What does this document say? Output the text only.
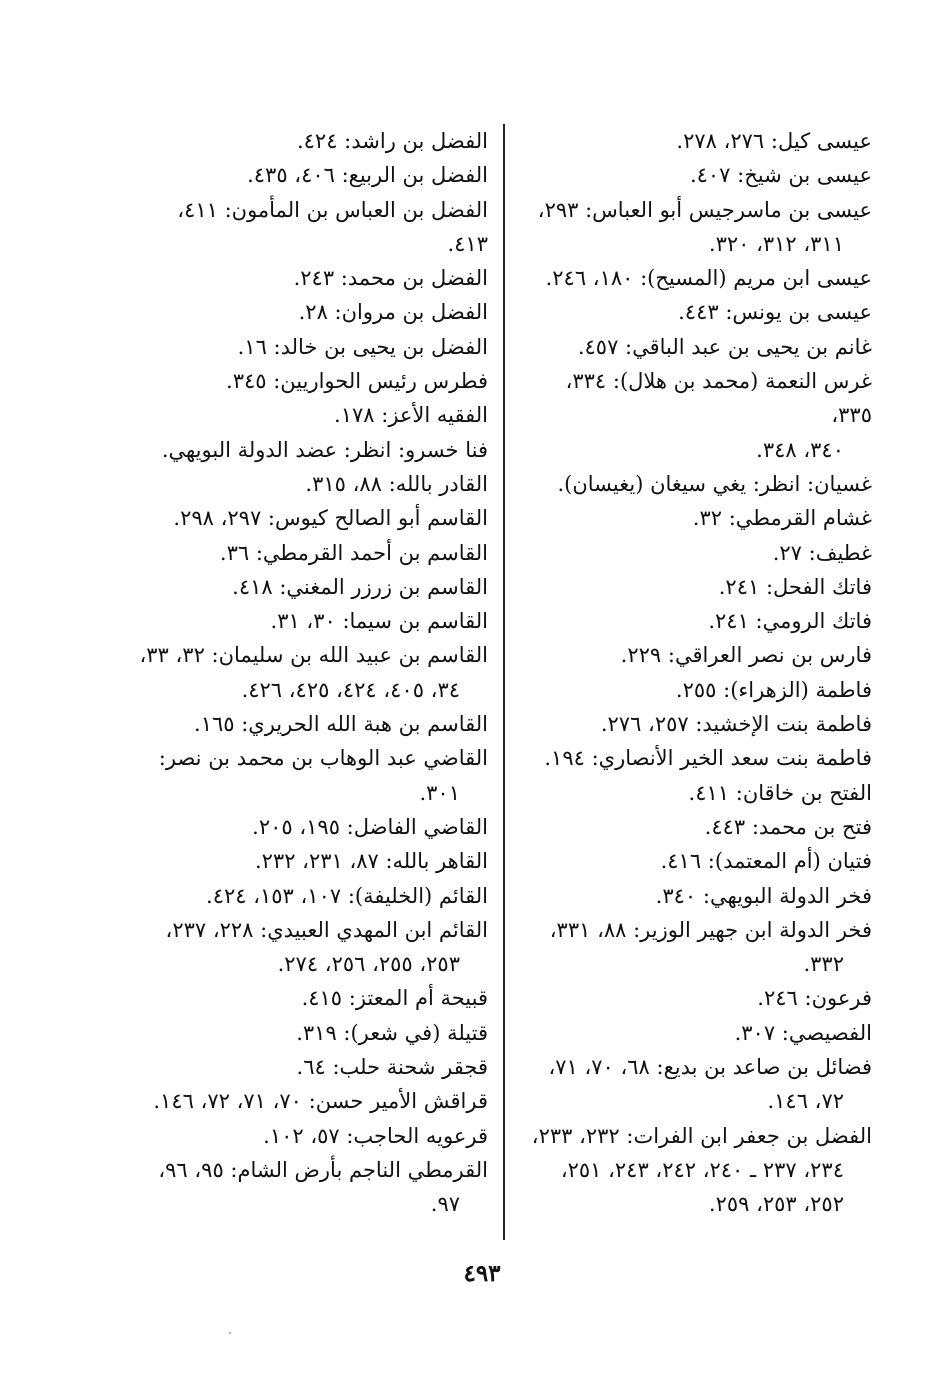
عيسى كيل: ٢٧٦، ٢٧٨.
عيسى بن شيخ: ٤٠٧.
عيسى بن ماسرجيس أبو العباس: ٢٩٣،
٣١١، ٣١٢، ٣٢٠.
عيسى ابن مريم (المسيح): ١٨٠، ٢٤٦.
عيسى بن يونس: ٤٤٣.
غانم بن يحيى بن عبد الباقي: ٤٥٧.
غرس النعمة (محمد بن هلال): ٣٣٤، ٣٣٥،
٣٤٠، ٣٤٨.
غسيان: انظر: يغي سيغان (يغيسان).
غشام القرمطي: ٣٢.
غطيف: ٢٧.
فاتك الفحل: ٢٤١.
فاتك الرومي: ٢٤١.
فارس بن نصر العراقي: ٢٢٩.
فاطمة (الزهراء): ٢٥٥.
فاطمة بنت الإخشيد: ٢٥٧، ٢٧٦.
فاطمة بنت سعد الخير الأنصاري: ١٩٤.
الفتح بن خاقان: ٤١١.
فتح بن محمد: ٤٤٣.
فتيان (أم المعتمد): ٤١٦.
فخر الدولة البويهي: ٣٤٠.
فخر الدولة ابن جهير الوزير: ٨٨، ٣٣١،
٣٣٢.
فرعون: ٢٤٦.
الفصيصي: ٣٠٧.
فضائل بن صاعد بن بديع: ٦٨، ٧٠، ٧١،
٧٢، ١٤٦.
الفضل بن جعفر ابن الفرات: ٢٣٢، ٢٣٣،
٢٣٤، ٢٣٧ ـ ٢٤٠، ٢٤٢، ٢٤٣، ٢٥١،
٢٥٢، ٢٥٣، ٢٥٩.
الفضل بن راشد: ٤٢٤.
الفضل بن الربيع: ٤٠٦، ٤٣٥.
الفضل بن العباس بن المأمون: ٤١١، ٤١٣.
الفضل بن محمد: ٢٤٣.
الفضل بن مروان: ٢٨.
الفضل بن يحيى بن خالد: ١٦.
فطرس رئيس الحواريين: ٣٤٥.
الفقيه الأعز: ١٧٨.
فنا خسرو: انظر: عضد الدولة البويهي.
القادر بالله: ٨٨، ٣١٥.
القاسم أبو الصالح كيوس: ٢٩٧، ٢٩٨.
القاسم بن أحمد القرمطي: ٣٦.
القاسم بن زرزر المغني: ٤١٨.
القاسم بن سيما: ٣٠، ٣١.
القاسم بن عبيد الله بن سليمان: ٣٢، ٣٣،
٣٤، ٤٠٥، ٤٢٤، ٤٢٥، ٤٢٦.
القاسم بن هبة الله الحريري: ١٦٥.
القاضي عبد الوهاب بن محمد بن نصر:
٣٠١.
القاضي الفاضل: ١٩٥، ٢٠٥.
القاهر بالله: ٨٧، ٢٣١، ٢٣٢.
القائم (الخليفة): ١٠٧، ١٥٣، ٤٢٤.
القائم ابن المهدي العبيدي: ٢٢٨، ٢٣٧،
٢٥٣، ٢٥٥، ٢٥٦، ٢٧٤.
قبيحة أم المعتز: ٤١٥.
قتيلة (في شعر): ٣١٩.
قجقر شحنة حلب: ٦٤.
قراقش الأمير حسن: ٧٠، ٧١، ٧٢، ١٤٦.
قرعويه الحاجب: ٥٧، ١٠٢.
القرمطي الناجم بأرض الشام: ٩٥، ٩٦،
٩٧.
٤٩٣
